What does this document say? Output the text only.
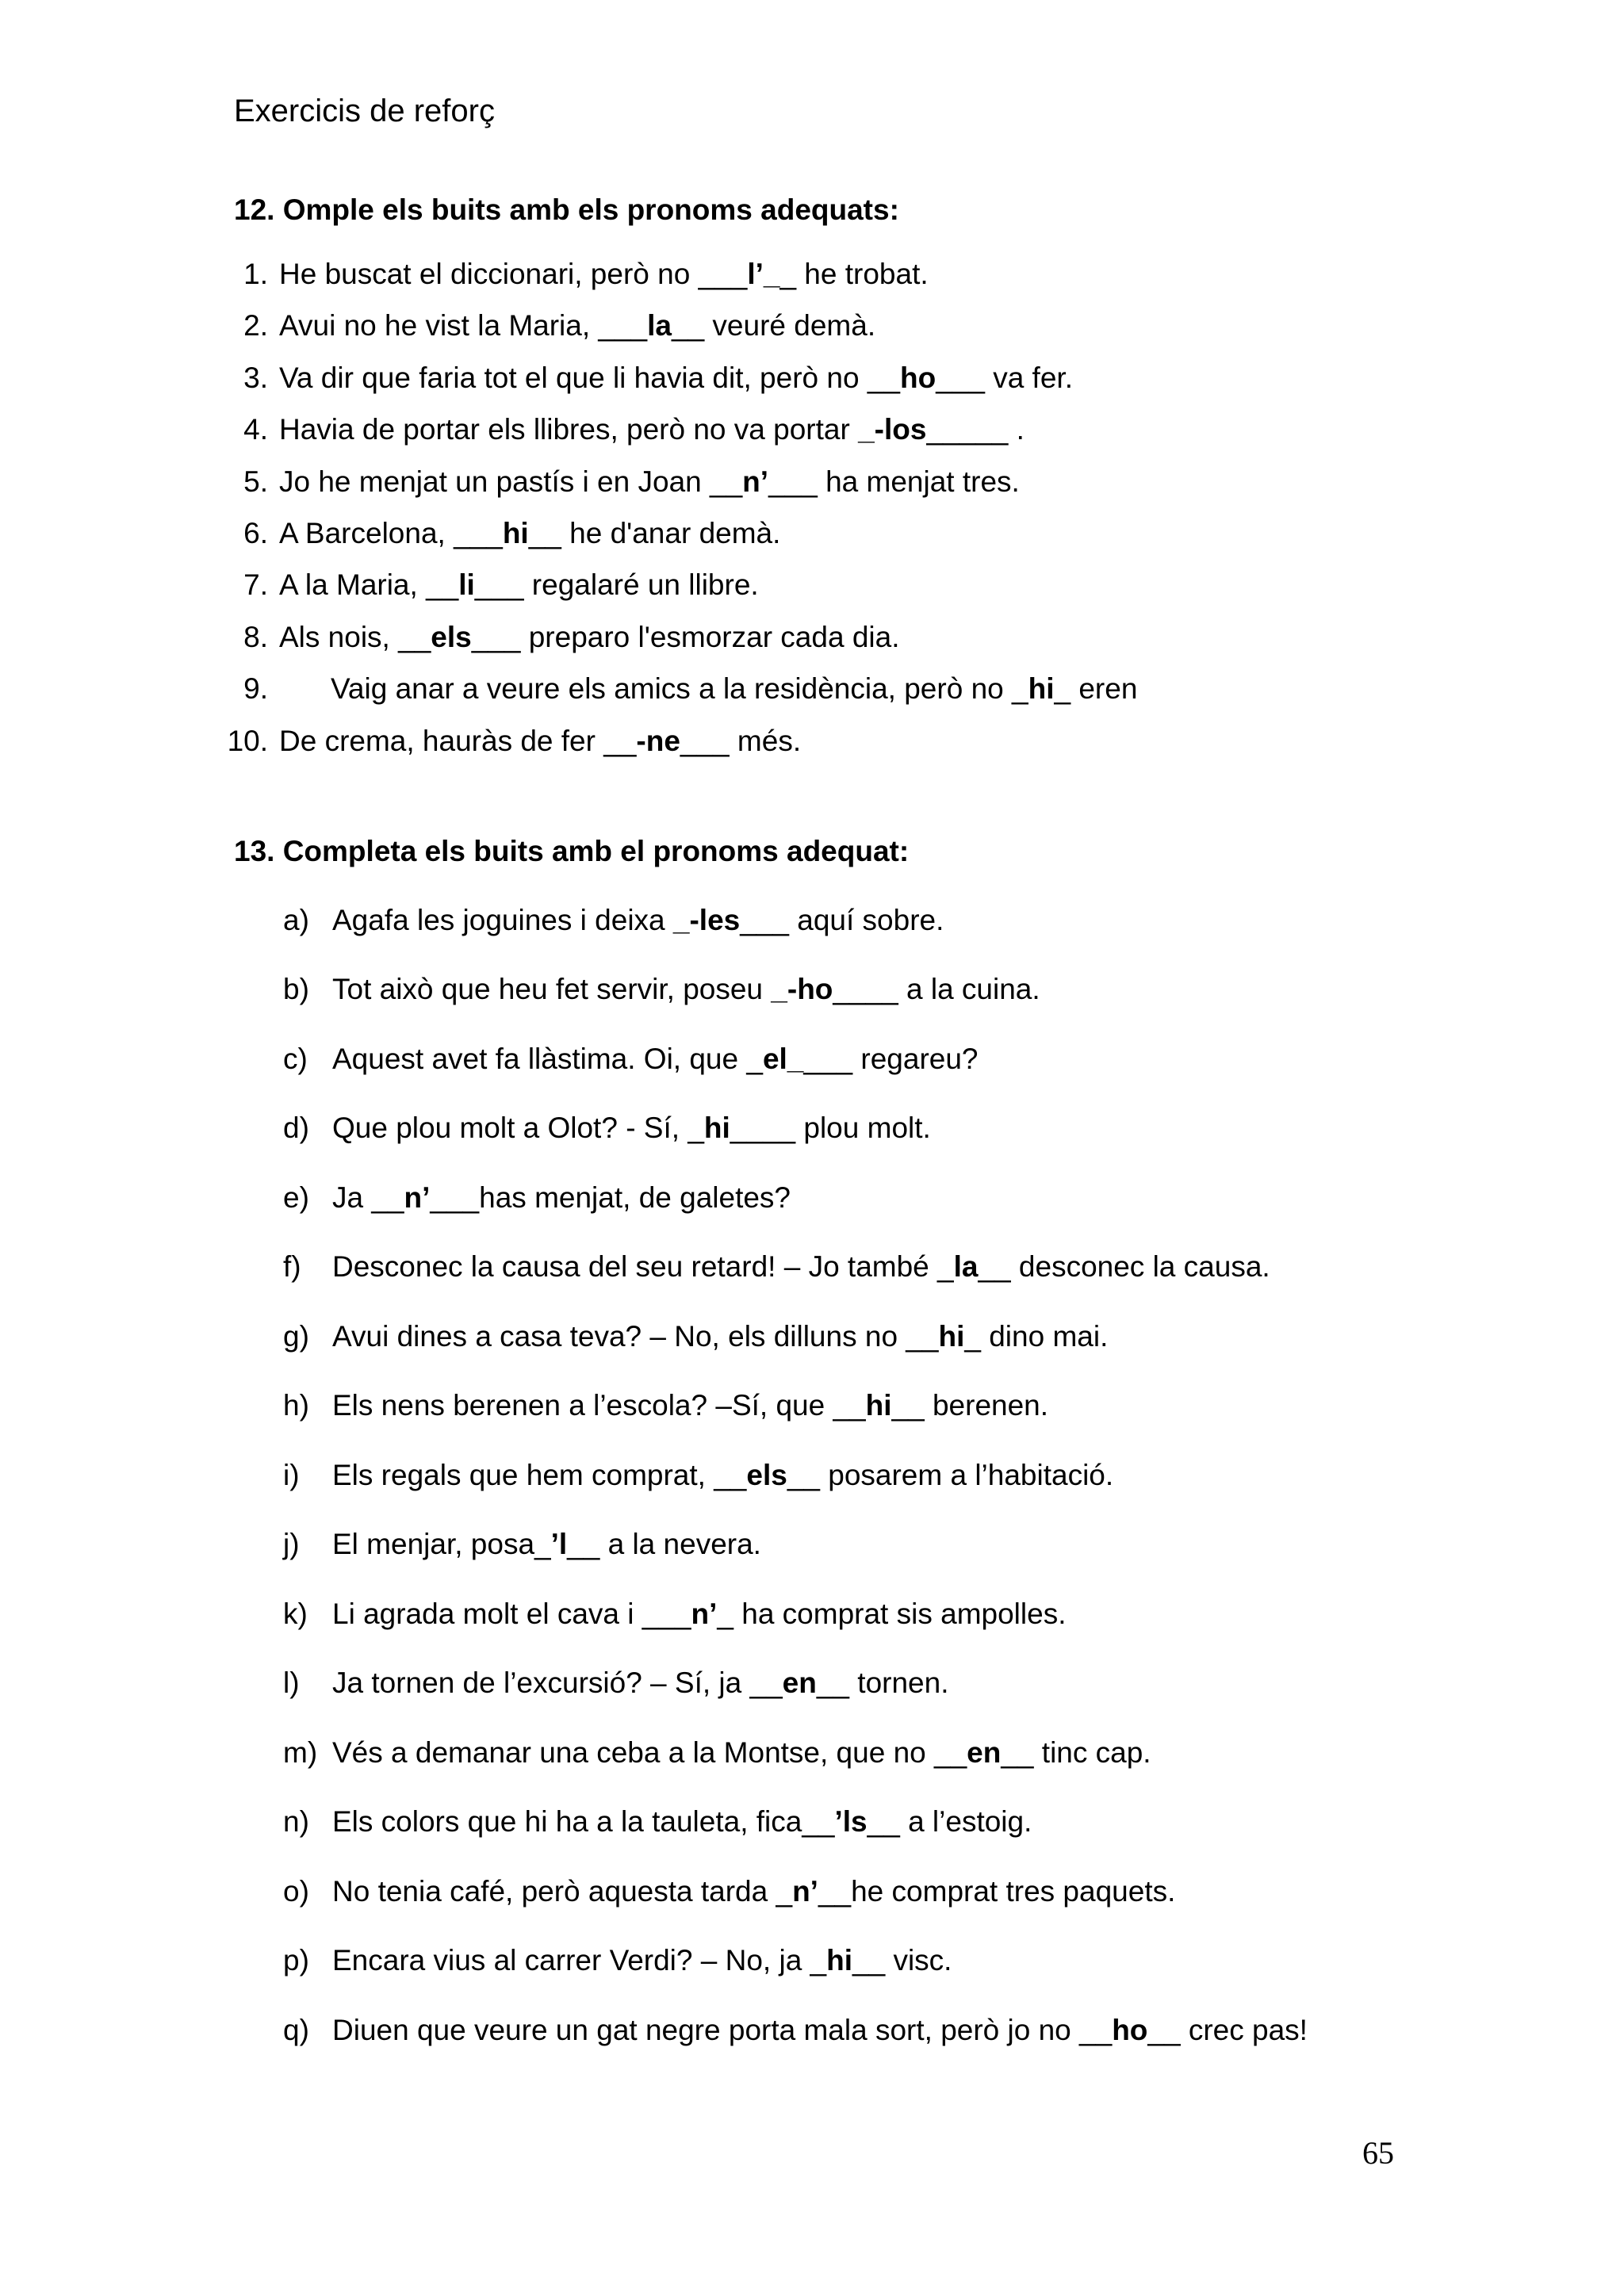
Exercicis de reforç
12. Omple els buits amb els pronoms adequats:
1. He buscat el diccionari, però no ___l’__ he trobat.
2. Avui no he vist la Maria, ___la__ veuré demà.
3. Va dir que faria tot el que li havia dit, però no __ho___ va fer.
4. Havia de portar els llibres, però no va portar _-los_____ .
5. Jo he menjat un pastís i en Joan __n’___ ha menjat tres.
6. A Barcelona, ___hi__ he d'anar demà.
7. A la Maria, __li___ regalaré un llibre.
8. Als nois, __els___ preparo l'esmorzar cada dia.
9. Vaig anar a veure els amics a la residència, però no _hi_ eren
10. De crema, hauràs de fer __-ne___ més.
13. Completa els buits amb el pronoms adequat:
a) Agafa les joguines i deixa _-les___ aquí sobre.
b) Tot això que heu fet servir, poseu _-ho____ a la cuina.
c) Aquest avet fa llàstima. Oi, que _el____ regareu?
d) Que plou molt a Olot? - Sí, _hi____ plou molt.
e) Ja __n’___has menjat, de galetes?
f) Desconec la causa del seu retard! – Jo també _la__ desconec la causa.
g) Avui dines a casa teva? – No, els dilluns no __hi_ dino mai.
h) Els nens berenen a l’escola? –Sí, que __hi__ berenen.
i) Els regals que hem comprat, __els__ posarem a l’habitació.
j) El menjar, posa_’l__ a la nevera.
k) Li agrada molt el cava i ___n’_ ha comprat sis ampolles.
l) Ja tornen de l’excursió? – Sí, ja __en__ tornen.
m) Vés a demanar una ceba a la Montse, que no __en__ tinc cap.
n) Els colors que hi ha a la tauleta, fica__’ls__ a l’estoig.
o) No tenia café, però aquesta tarda _n’__he comprat tres paquets.
p) Encara vius al carrer Verdi? – No, ja _hi__ visc.
q) Diuen que veure un gat negre porta mala sort, però jo no __ho__ crec pas!
65
